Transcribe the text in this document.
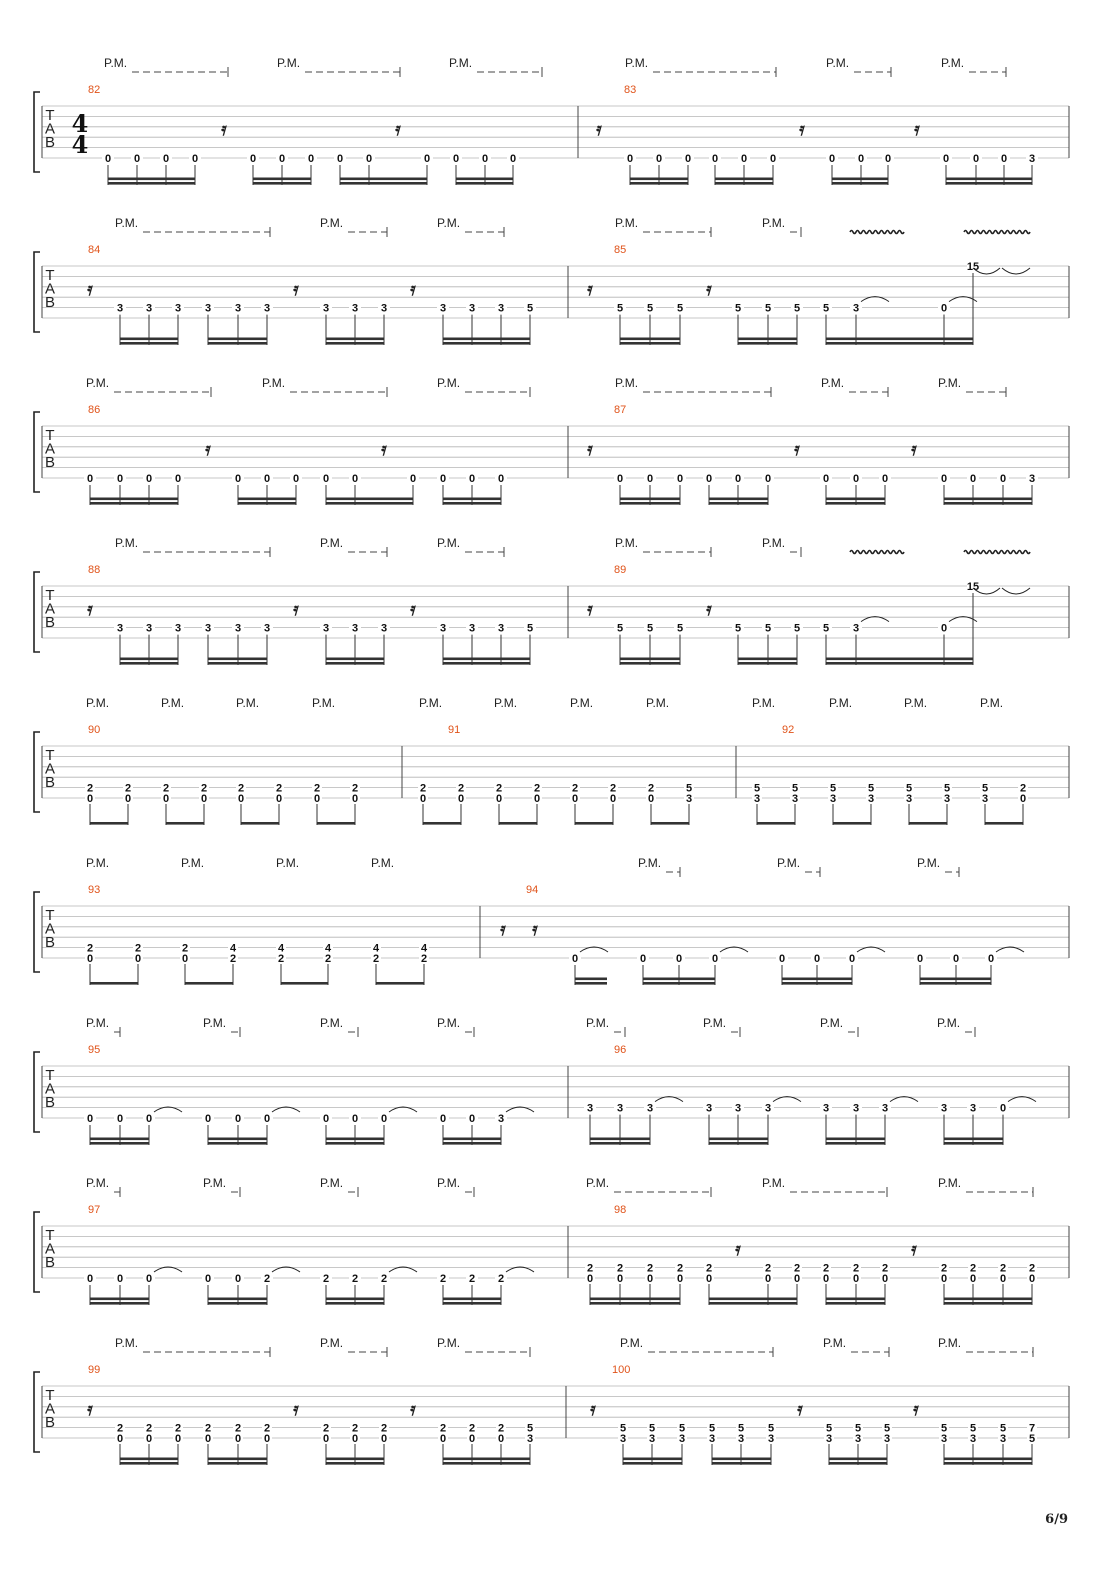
6/9
T
A
B
82	83
P.M.	P.M.	P.M.	P.M.	P.M.	P.M.
4
4 0 0 0 0
𝄿
0 0 0 0 0
𝄿
0 0 0 0
𝄿
0 0 0 0 0 0
𝄿
0 0 0
𝄿
0 0 0 3
T
A
B
84	85
P.M.	P.M.	P.M.	P.M.	P.M.
𝄿
3 3 3 3 3 3
𝄿
3 3 3
𝄿
3 3 3 5
𝄿
5 5 5
𝄿
5 5 5 5 3	0
15
T
A
B
86	87
P.M.	P.M.	P.M.	P.M.	P.M.	P.M.
0 0 0 0
𝄿
0 0 0 0 0
𝄿
0 0 0 0
𝄿
0 0 0 0 0 0
𝄿
0 0 0
𝄿
0 0 0 3
T
A
B
88	89
P.M.	P.M.	P.M.	P.M.	P.M.
𝄿
3 3 3 3 3 3
𝄿
3 3 3
𝄿
3 3 3 5
𝄿
5 5 5
𝄿
5 5 5 5 3	0
15
T
A
B
90	91	92
P.M.	P.M.	P.M.	P.M.	P.M.	P.M.	P.M.	P.M.	P.M.	P.M.	P.M.	P.M.
2
0
2
0
2
0
2
0
2
0
2
0
2
0
2
0
2
0
2
0
2
0
2
0
2
0
2
0
2
0
5
3
5
3
5
3
5
3
5
3
5
3
5
3
5
3
2
0
T
A
B
93	94
P.M.	P.M.	P.M.	P.M.	P.M.	P.M.	P.M.
2
0
2
0
2
0
4
2
4
2
4
2
4
2
4
2
𝄿 𝄿
0	0	0	0	0	0	0	0	0	0
T
A
B
95	96
P.M.	P.M.	P.M.	P.M.	P.M.	P.M.	P.M.	P.M.
0 0 0	0 0 0	0 0 0	0 0 3
3 3 3	3 3 3	3 3 3	3 3 0
T
A
B
97	98
P.M.	P.M.	P.M.	P.M.	P.M.	P.M.	P.M.
0 0 0	0 0 2	2 2 2	2 2 2
2
0
2
0
2
0
2
0
2
0
𝄿
2
0
2
0
2
0
2
0
2
0
𝄿
2
0
2
0
2
0
2
0
T
A
B
99	100
P.M.	P.M.	P.M.	P.M.	P.M.	P.M.
𝄿
2
0
2
0
2
0
2
0
2
0
2
0
𝄿
2
0
2
0
2
0
𝄿
2
0
2
0
2
0
5
3
𝄿
5
3
5
3
5
3
5
3
5
3
5
3
𝄿
5
3
5
3
5
3
𝄿
5
3
5
3
5
3
7
5
